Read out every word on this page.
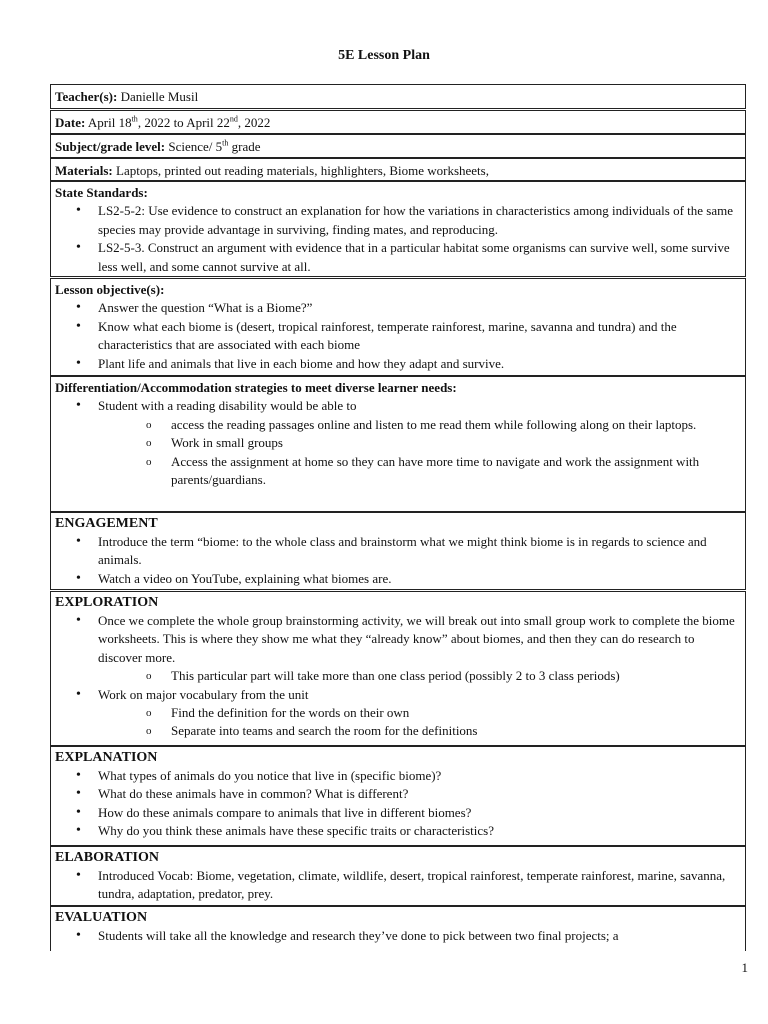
5E Lesson Plan
Teacher(s): Danielle Musil
Date: April 18th, 2022 to April 22nd, 2022
Subject/grade level: Science/ 5th grade
Materials: Laptops, printed out reading materials, highlighters, Biome worksheets,
State Standards:
• LS2-5-2: Use evidence to construct an explanation for how the variations in characteristics among individuals of the same species may provide advantage in surviving, finding mates, and reproducing.
• LS2-5-3. Construct an argument with evidence that in a particular habitat some organisms can survive well, some survive less well, and some cannot survive at all.
Lesson objective(s):
• Answer the question “What is a Biome?”
• Know what each biome is (desert, tropical rainforest, temperate rainforest, marine, savanna and tundra) and the characteristics that are associated with each biome
• Plant life and animals that live in each biome and how they adapt and survive.
Differentiation/Accommodation strategies to meet diverse learner needs:
• Student with a reading disability would be able to
o access the reading passages online and listen to me read them while following along on their laptops.
o Work in small groups
o Access the assignment at home so they can have more time to navigate and work the assignment with parents/guardians.
ENGAGEMENT
• Introduce the term “biome: to the whole class and brainstorm what we might think biome is in regards to science and animals.
• Watch a video on YouTube, explaining what biomes are.
EXPLORATION
• Once we complete the whole group brainstorming activity, we will break out into small group work to complete the biome worksheets. This is where they show me what they “already know” about biomes, and then they can do research to discover more.
o This particular part will take more than one class period (possibly 2 to 3 class periods)
• Work on major vocabulary from the unit
o Find the definition for the words on their own
o Separate into teams and search the room for the definitions
EXPLANATION
• What types of animals do you notice that live in (specific biome)?
• What do these animals have in common? What is different?
• How do these animals compare to animals that live in different biomes?
• Why do you think these animals have these specific traits or characteristics?
ELABORATION
• Introduced Vocab: Biome, vegetation, climate, wildlife, desert, tropical rainforest, temperate rainforest, marine, savanna, tundra, adaptation, predator, prey.
EVALUATION
• Students will take all the knowledge and research they’ve done to pick between two final projects; a
1
